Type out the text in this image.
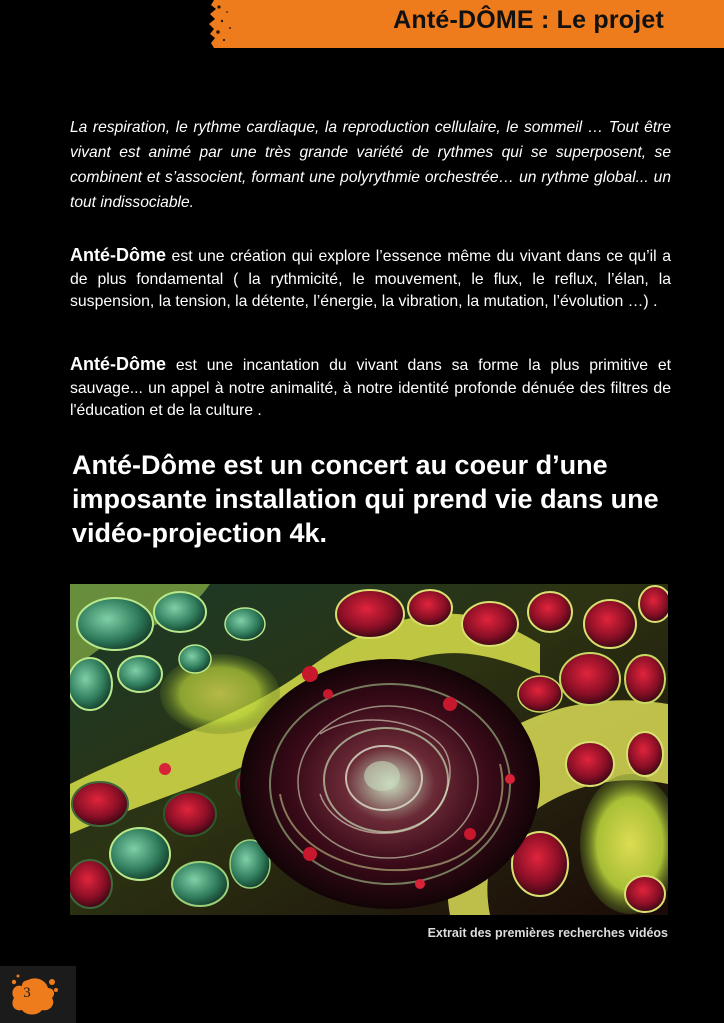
Anté-DÔME : Le projet
La respiration, le rythme cardiaque, la reproduction cellulaire, le sommeil … Tout être vivant est animé par une très grande variété de rythmes qui se superposent, se combinent et s’associent, formant une polyrythmie orchestrée… un rythme global... un tout indissociable.
Anté-Dôme est une création qui explore l’essence même du vivant dans ce qu’il a de plus fondamental ( la rythmicité, le mouvement, le flux, le reflux, l’élan, la suspension, la tension, la détente, l’énergie, la vibration, la mutation, l’évolution …) .
Anté-Dôme est une incantation du vivant dans sa forme la plus primitive et sauvage... un appel à notre animalité, à notre identité profonde dénuée des filtres de l'éducation et de la culture .
Anté-Dôme est un concert au coeur d’une imposante installation qui prend vie dans une vidéo-projection 4k.
Extrait des premières recherches vidéos
3
